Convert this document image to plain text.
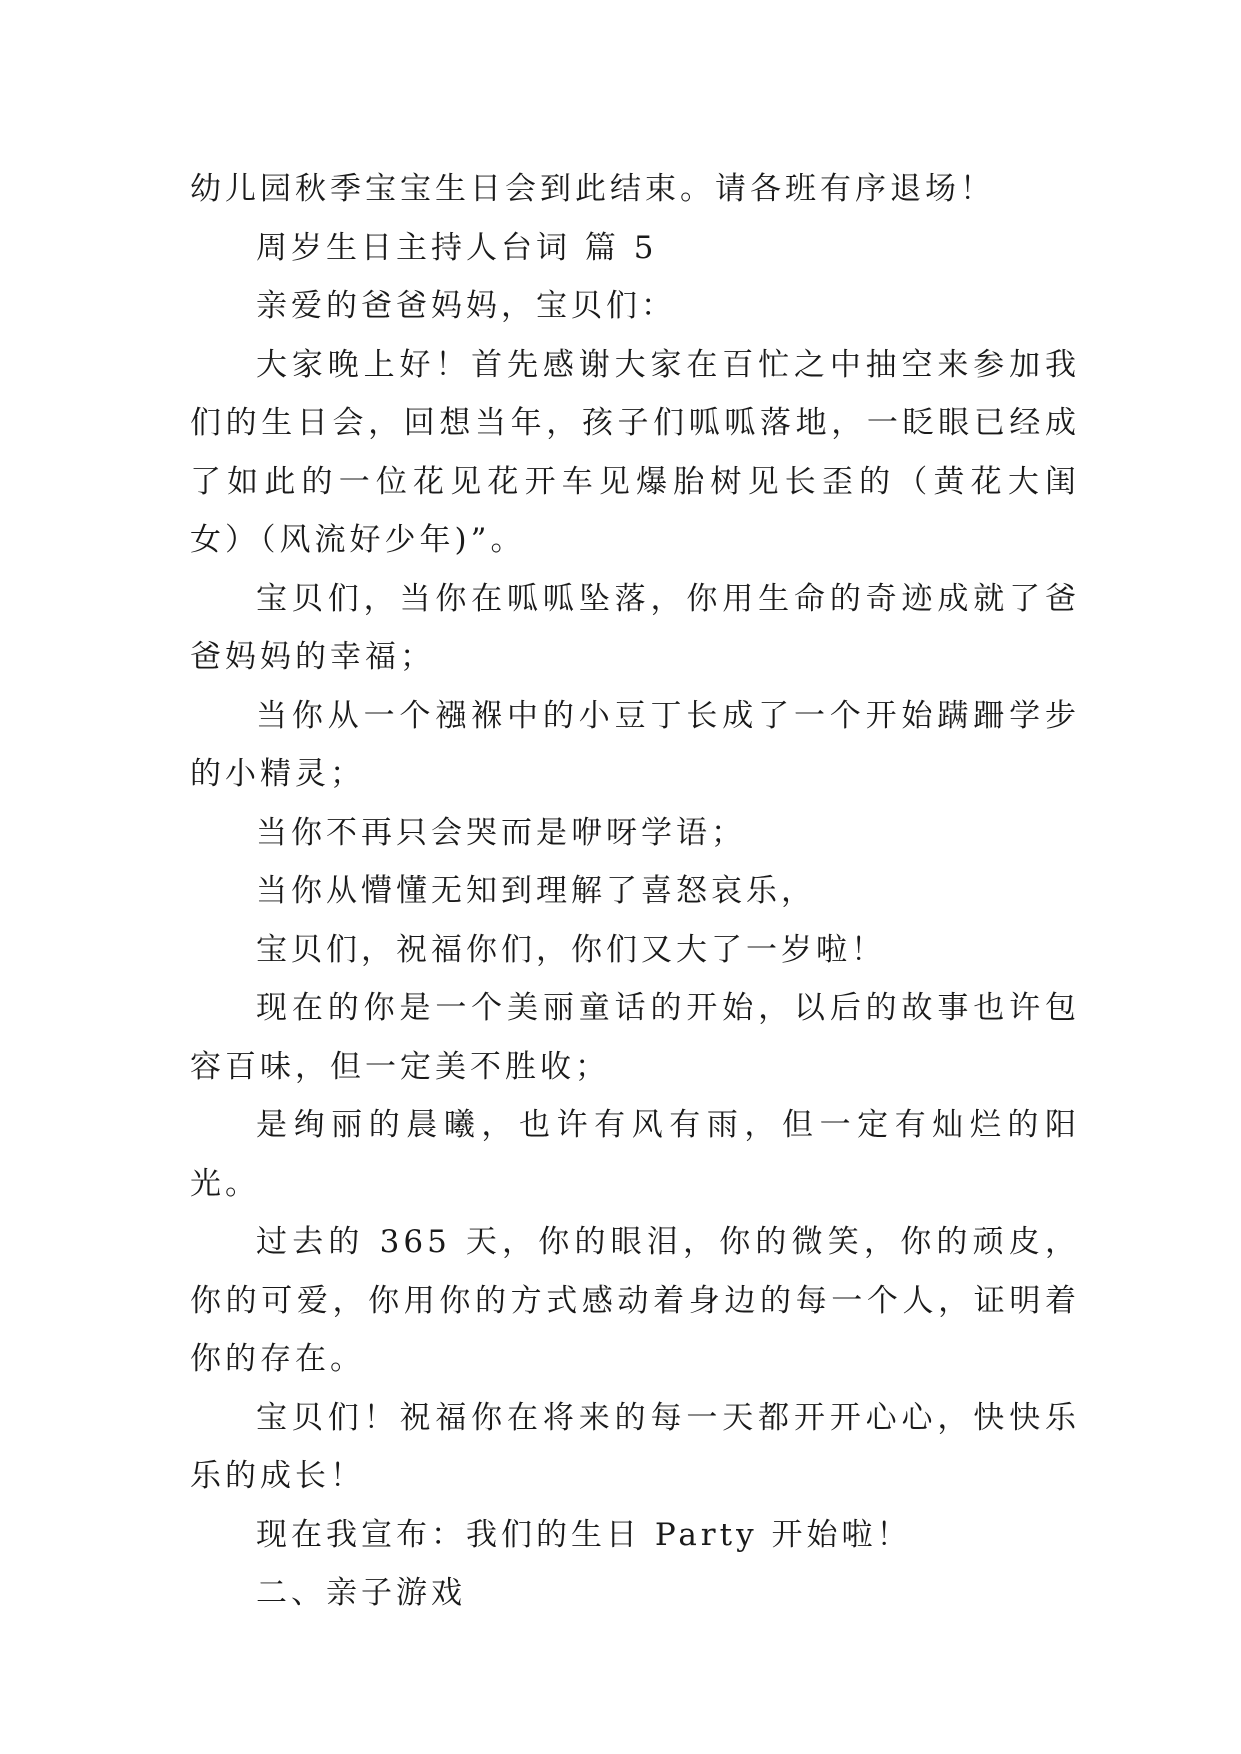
幼儿园秋季宝宝生日会到此结束。请各班有序退场！

周岁生日主持人台词 篇 5

亲爱的爸爸妈妈，宝贝们：

大家晚上好！首先感谢大家在百忙之中抽空来参加我们的生日会，回想当年，孩子们呱呱落地，一眨眼已经成了如此的一位花见花开车见爆胎树见长歪的（黄花大闺女）（风流好少年)”。

宝贝们，当你在呱呱坠落，你用生命的奇迹成就了爸爸妈妈的幸福；

当你从一个襁褓中的小豆丁长成了一个开始蹒跚学步的小精灵；

当你不再只会哭而是咿呀学语；

当你从懵懂无知到理解了喜怒哀乐，

宝贝们，祝福你们，你们又大了一岁啦！

现在的你是一个美丽童话的开始，以后的故事也许包容百味，但一定美不胜收；

是绚丽的晨曦，也许有风有雨，但一定有灿烂的阳光。

过去的 365 天，你的眼泪，你的微笑，你的顽皮，你的可爱，你用你的方式感动着身边的每一个人，证明着你的存在。

宝贝们！祝福你在将来的每一天都开开心心，快快乐乐的成长！

现在我宣布：我们的生日 Party 开始啦！

二、亲子游戏
